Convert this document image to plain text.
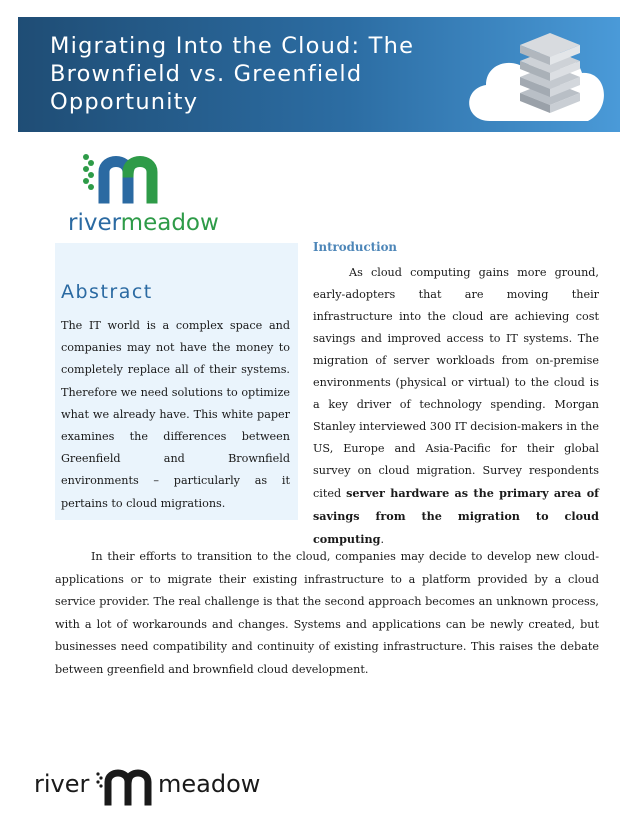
Migrating Into the Cloud: The Brownfield vs. Greenfield Opportunity
rivermeadow
Abstract

The IT world is a complex space and companies may not have the money to completely replace all of their systems. Therefore we need solutions to optimize what we already have. This white paper examines the differences between Greenfield and Brownfield environments – particularly as it pertains to cloud migrations.

Introduction

As cloud computing gains more ground, early-adopters that are moving their infrastructure into the cloud are achieving cost savings and improved access to IT systems. The migration of server workloads from on-premise environments (physical or virtual) to the cloud is a key driver of technology spending. Morgan Stanley interviewed 300 IT decision-makers in the US, Europe and Asia-Pacific for their global survey on cloud migration. Survey respondents cited server hardware as the primary area of savings from the migration to cloud computing.

In their efforts to transition to the cloud, companies may decide to develop new cloud-applications or to migrate their existing infrastructure to a platform provided by a cloud service provider. The real challenge is that the second approach becomes an unknown process, with a lot of workarounds and changes. Systems and applications can be newly created, but businesses need compatibility and continuity of existing infrastructure. This raises the debate between greenfield and brownfield cloud development.

river	meadow
